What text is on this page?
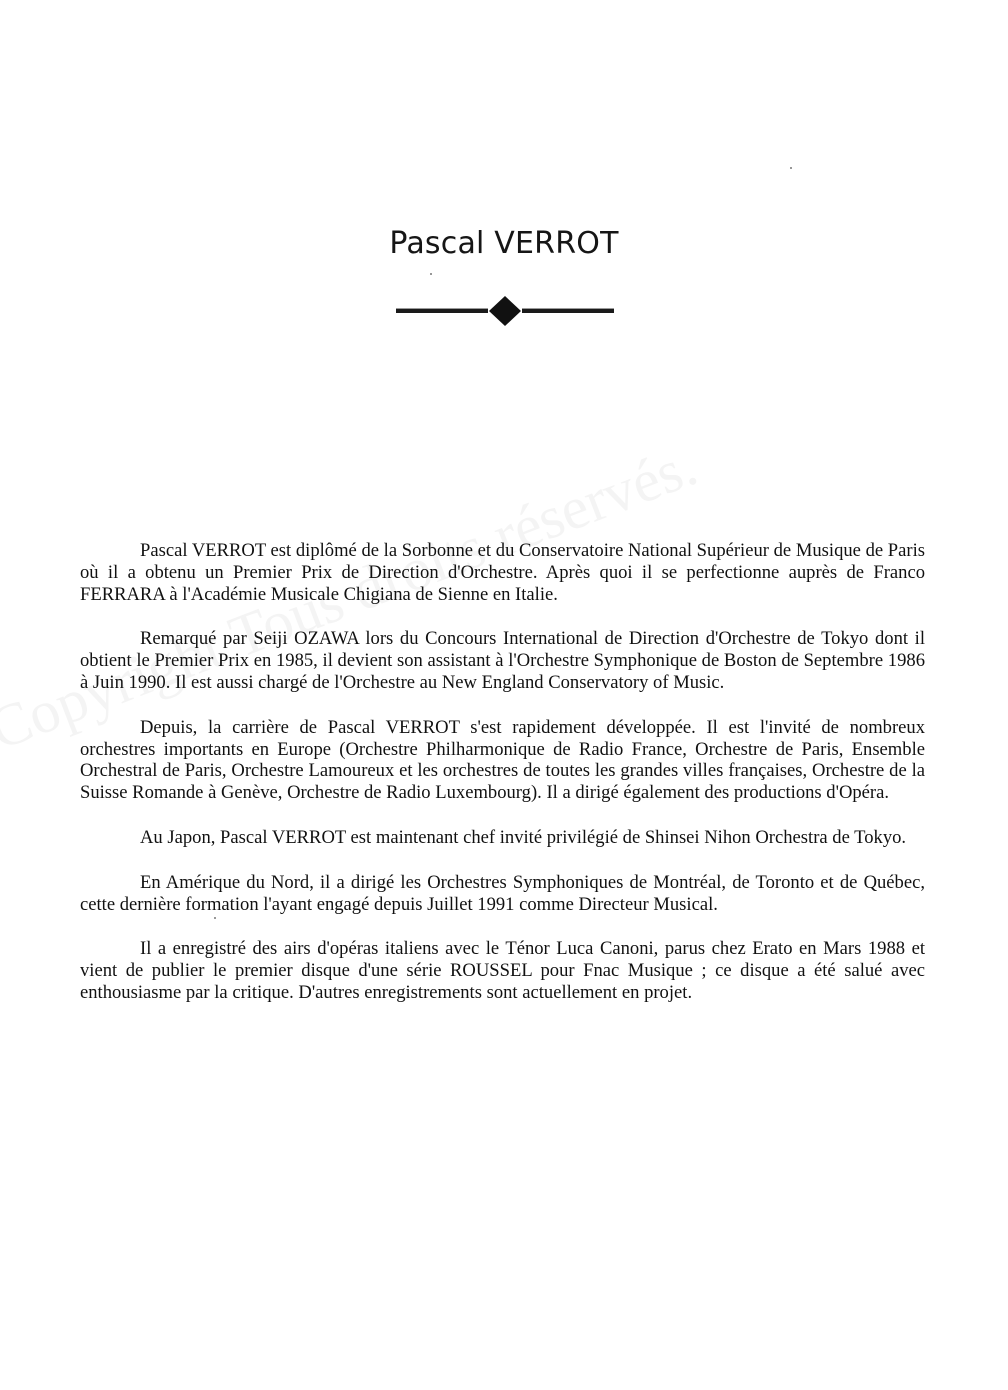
Pascal VERROT

Pascal VERROT est diplômé de la Sorbonne et du Conservatoire National Supérieur de Musique de Paris où il a obtenu un Premier Prix de Direction d'Orchestre. Après quoi il se perfectionne auprès de Franco FERRARA à l'Académie Musicale Chigiana de Sienne en Italie.

Remarqué par Seiji OZAWA lors du Concours International de Direction d'Orchestre de Tokyo dont il obtient le Premier Prix en 1985, il devient son assistant à l'Orchestre Symphonique de Boston de Septembre 1986 à Juin 1990. Il est aussi chargé de l'Orchestre au New England Conservatory of Music.

Depuis, la carrière de Pascal VERROT s'est rapidement développée. Il est l'invité de nombreux orchestres importants en Europe (Orchestre Philharmonique de Radio France, Orchestre de Paris, Ensemble Orchestral de Paris, Orchestre Lamoureux et les orchestres de toutes les grandes villes françaises, Orchestre de la Suisse Romande à Genève, Orchestre de Radio Luxembourg). Il a dirigé également des productions d'Opéra.

Au Japon, Pascal VERROT est maintenant chef invité privilégié de Shinsei Nihon Orchestra de Tokyo.

En Amérique du Nord, il a dirigé les Orchestres Symphoniques de Montréal, de Toronto et de Québec, cette dernière formation l'ayant engagé depuis Juillet 1991 comme Directeur Musical.

Il a enregistré des airs d'opéras italiens avec le Ténor Luca Canoni, parus chez Erato en Mars 1988 et vient de publier le premier disque d'une série ROUSSEL pour Fnac Musique ; ce disque a été salué avec enthousiasme par la critique. D'autres enregistrements sont actuellement en projet.
